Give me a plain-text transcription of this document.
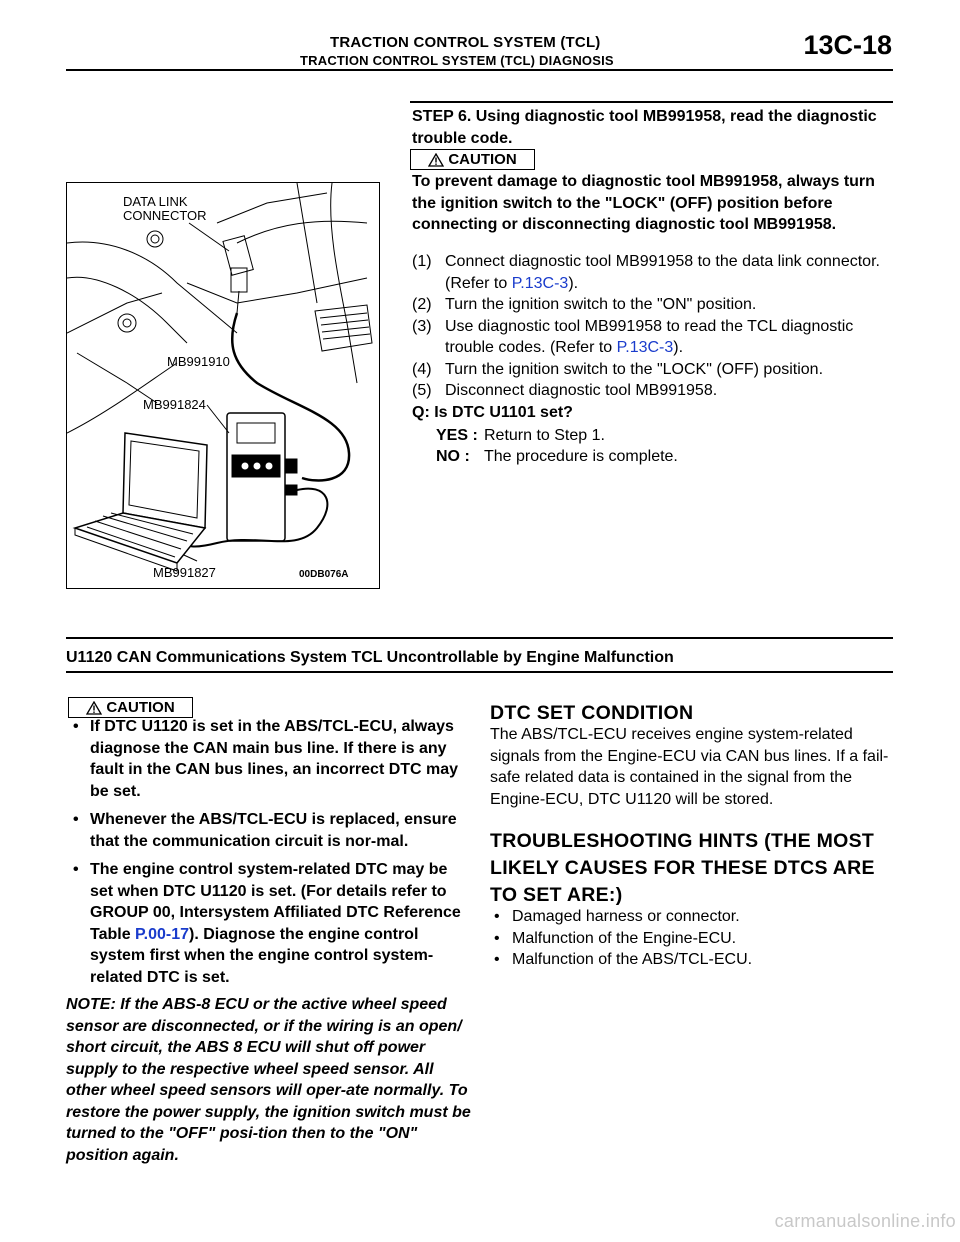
TRACTION CONTROL SYSTEM (TCL)
TRACTION CONTROL SYSTEM (TCL) DIAGNOSIS
13C-18
STEP 6. Using diagnostic tool MB991958, read the diagnostic trouble code.
CAUTION
To prevent damage to diagnostic tool MB991958, always turn the ignition switch to the "LOCK" (OFF) position before connecting or disconnecting diagnostic tool MB991958.
(1) Connect diagnostic tool MB991958 to the data link connector. (Refer to P.13C-3).
(2) Turn the ignition switch to the "ON" position.
(3) Use diagnostic tool MB991958 to read the TCL diagnostic trouble codes. (Refer to P.13C-3).
(4) Turn the ignition switch to the "LOCK" (OFF) position.
(5) Disconnect diagnostic tool MB991958.
Q: Is DTC U1101 set?
YES : Return to Step 1.
NO : The procedure is complete.
DATA LINK
CONNECTOR
MB991910
MB991824
MB991827	00DB076A
U1120 CAN Communications System TCL Uncontrollable by Engine Malfunction
CAUTION
• If DTC U1120 is set in the ABS/TCL-ECU, always diagnose the CAN main bus line. If there is any fault in the CAN bus lines, an incorrect DTC may be set.
• Whenever the ABS/TCL-ECU is replaced, ensure that the communication circuit is nor-mal.
• The engine control system-related DTC may be set when DTC U1120 is set. (For details refer to GROUP 00, Intersystem Affiliated DTC Reference Table P.00-17). Diagnose the engine control system first when the engine control system-related DTC is set.
NOTE: If the ABS-8 ECU or the active wheel speed sensor are disconnected, or if the wiring is an open/ short circuit, the ABS 8 ECU will shut off power supply to the respective wheel speed sensor. All other wheel speed sensors will oper-ate normally. To restore the power supply, the ignition switch must be turned to the "OFF" posi-tion then to the "ON" position again.
DTC SET CONDITION
The ABS/TCL-ECU receives engine system-related signals from the Engine-ECU via CAN bus lines. If a fail-safe related data is contained in the signal from the Engine-ECU, DTC U1120 will be stored.
TROUBLESHOOTING HINTS (THE MOST LIKELY CAUSES FOR THESE DTCS ARE TO SET ARE:)
• Damaged harness or connector.
• Malfunction of the Engine-ECU.
• Malfunction of the ABS/TCL-ECU.
carmanualsonline.info
